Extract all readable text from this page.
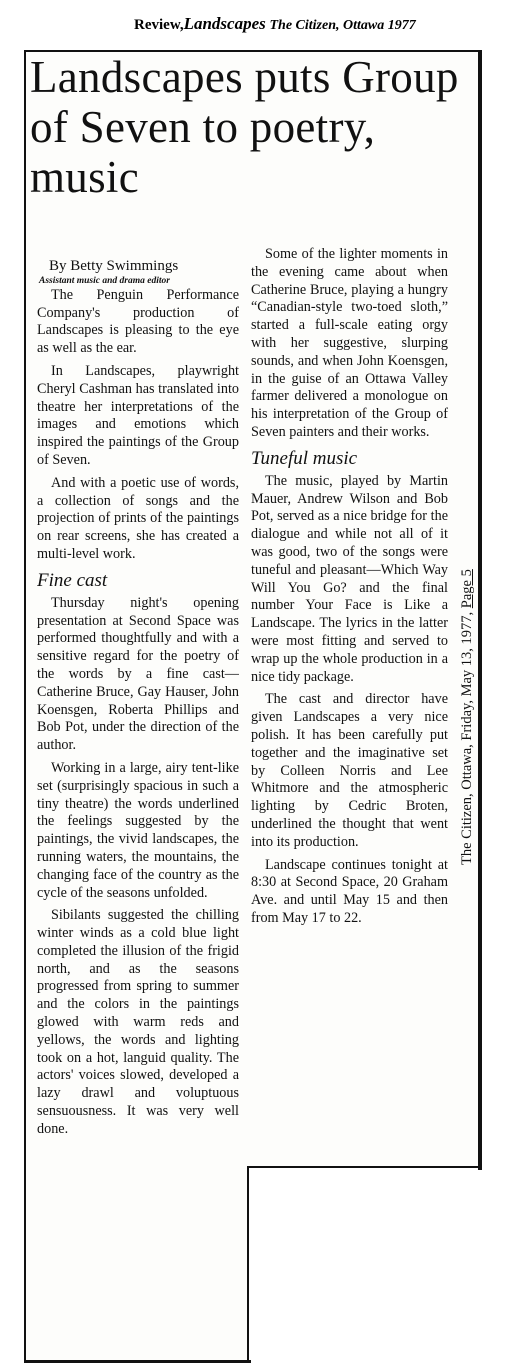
Review,Landscapes The Citizen, Ottawa 1977
Landscapes puts Group of Seven to poetry, music
By Betty Swimmings
Assistant music and drama editor

The Penguin Performance Company's production of Landscapes is pleasing to the eye as well as the ear.

In Landscapes, playwright Cheryl Cashman has translated into theatre her interpretations of the images and emotions which inspired the paintings of the Group of Seven.

And with a poetic use of words, a collection of songs and the projection of prints of the paintings on rear screens, she has created a multi-level work.

Fine cast

Thursday night's opening presentation at Second Space was performed thoughtfully and with a sensitive regard for the poetry of the words by a fine cast—Catherine Bruce, Gay Hauser, John Koensgen, Roberta Phillips and Bob Pot, under the direction of the author.

Working in a large, airy tent-like set (surprisingly spacious in such a tiny theatre) the words underlined the feelings suggested by the paintings, the vivid landscapes, the running waters, the mountains, the changing face of the country as the cycle of the seasons unfolded.

Sibilants suggested the chilling winter winds as a cold blue light completed the illusion of the frigid north, and as the seasons progressed from spring to summer and the colors in the paintings glowed with warm reds and yellows, the words and lighting took on a hot, languid quality. The actors' voices slowed, developed a lazy drawl and voluptuous sensuousness. It was very well done.

Some of the lighter moments in the evening came about when Catherine Bruce, playing a hungry “Canadian-style two-toed sloth,” started a full-scale eating orgy with her suggestive, slurping sounds, and when John Koensgen, in the guise of an Ottawa Valley farmer delivered a monologue on his interpretation of the Group of Seven painters and their works.

Tuneful music

The music, played by Martin Mauer, Andrew Wilson and Bob Pot, served as a nice bridge for the dialogue and while not all of it was good, two of the songs were tuneful and pleasant—Which Way Will You Go? and the final number Your Face is Like a Landscape. The lyrics in the latter were most fitting and served to wrap up the whole production in a nice tidy package.

The cast and director have given Landscapes a very nice polish. It has been carefully put together and the imaginative set by Colleen Norris and Lee Whitmore and the atmospheric lighting by Cedric Broten, underlined the thought that went into its production.

Landscape continues tonight at 8:30 at Second Space, 20 Graham Ave. and until May 15 and then from May 17 to 22.

The Citizen, Ottawa, Friday, May 13, 1977, Page 5
